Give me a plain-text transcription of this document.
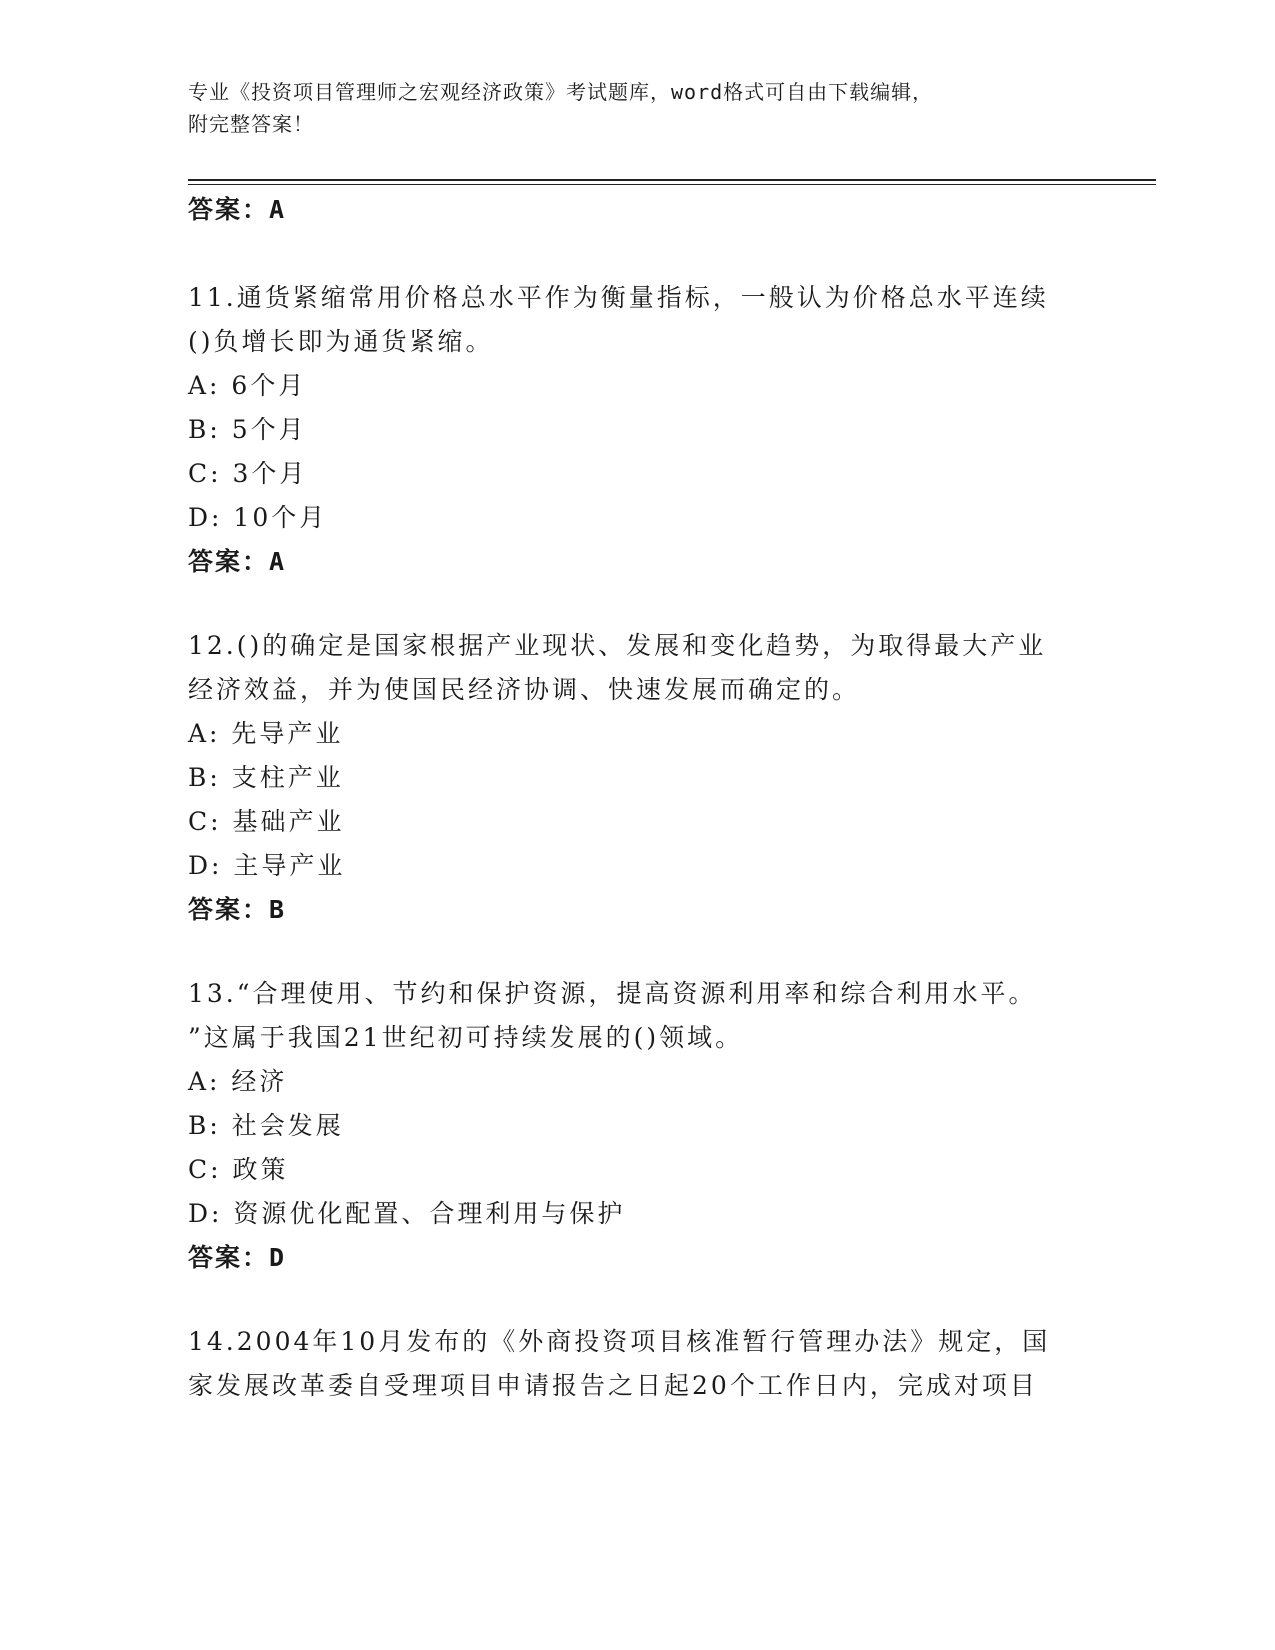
专业《投资项目管理师之宏观经济政策》考试题库，word格式可自由下载编辑，
附完整答案！
答案：A
11.通货紧缩常用价格总水平作为衡量指标，一般认为价格总水平连续
()负增长即为通货紧缩。
A: 6个月
B: 5个月
C: 3个月
D: 10个月
答案：A
12.()的确定是国家根据产业现状、发展和变化趋势，为取得最大产业
经济效益，并为使国民经济协调、快速发展而确定的。
A: 先导产业
B: 支柱产业
C: 基础产业
D: 主导产业
答案：B
13.“合理使用、节约和保护资源，提高资源利用率和综合利用水平。
”这属于我国21世纪初可持续发展的()领域。
A: 经济
B: 社会发展
C: 政策
D: 资源优化配置、合理利用与保护
答案：D
14.2004年10月发布的《外商投资项目核准暂行管理办法》规定，国
家发展改革委自受理项目申请报告之日起20个工作日内，完成对项目
